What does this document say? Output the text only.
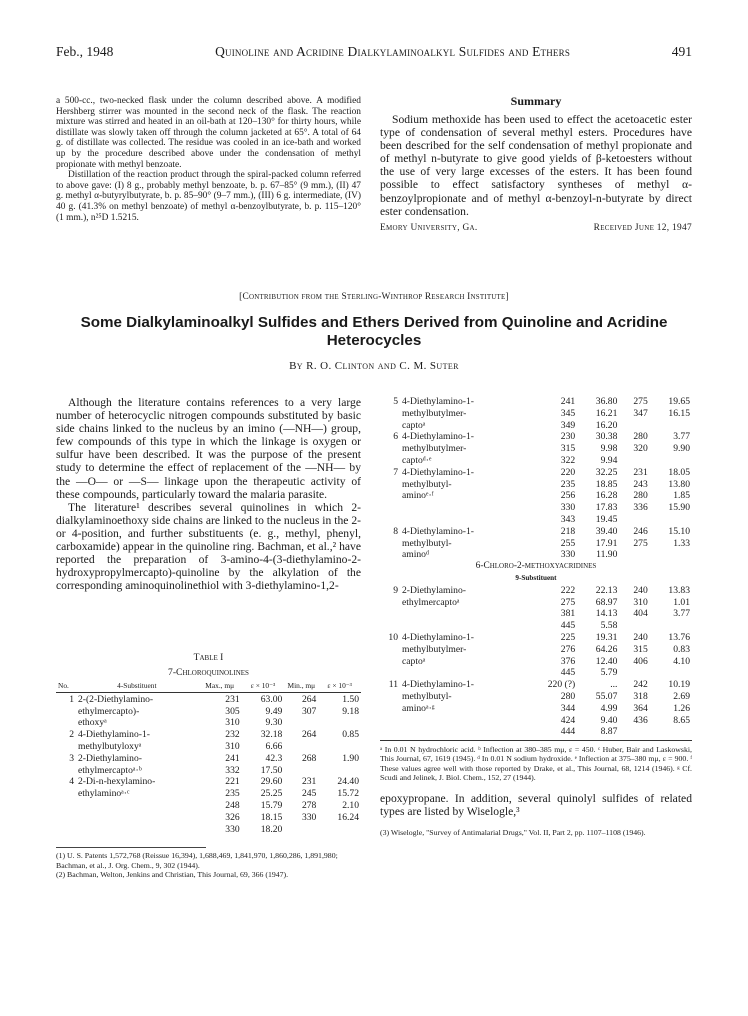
Feb., 1948	Quinoline and Acridine Dialkylaminoalkyl Sulfides and Ethers	491

a 500-cc., two-necked flask under the column described above. A modified Hershberg stirrer was mounted in the second neck of the flask. The reaction mixture was stirred and heated in an oil-bath at 120–130° for thirty hours, while distillate was slowly taken off through the column jacketed at 65°. A total of 64 g. of distillate was collected. The residue was cooled in an ice-bath and worked up by the procedure described above under the condensation of methyl propionate with methyl benzoate.

Distillation of the reaction product through the spiral-packed column referred to above gave: (I) 8 g., probably methyl benzoate, b. p. 67–85° (9 mm.), (II) 47 g. methyl α-butyrylbutyrate, b. p. 85–90° (9–7 mm.), (III) 6 g. intermediate, (IV) 40 g. (41.3% on methyl benzoate) of methyl α-benzoylbutyrate, b. p. 115–120° (1 mm.), n²⁵D 1.5215.

Summary

Sodium methoxide has been used to effect the acetoacetic ester type of condensation of several methyl esters. Procedures have been described for the self condensation of methyl propionate and of methyl n-butyrate to give good yields of β-ketoesters without the use of very large excesses of the esters. It has been found possible to effect satisfactory syntheses of methyl α-benzoylpropionate and of methyl α-benzoyl-n-butyrate by direct ester condensation.

Emory University, Ga.	Received June 12, 1947
[Contribution from the Sterling-Winthrop Research Institute]
Some Dialkylaminoalkyl Sulfides and Ethers Derived from Quinoline and Acridine Heterocycles
By R. O. Clinton and C. M. Suter

Although the literature contains references to a very large number of heterocyclic nitrogen compounds substituted by basic side chains linked to the nucleus by an imino (—NH—) group, few compounds of this type in which the linkage is oxygen or sulfur have been described. It was the purpose of the present study to determine the effect of replacement of the —NH— by the —O— or —S— linkage upon the therapeutic activity of these compounds, particularly toward the malaria parasite.

The literature¹ describes several quinolines in which 2-dialkylaminoethoxy side chains are linked to the nucleus in the 2- or 4-position, and further substituents (e. g., methyl, phenyl, carboxamide) appear in the quinoline ring. Bachman, et al.,² have reported the preparation of 3-amino-4-(3-diethylamino-2-hydroxypropylmercapto)-quinoline by the alkylation of the corresponding aminoquinolinethiol with 3-diethylamino-1,2-

Table I
7-Chloroquinolines
No.	4-Substituent	Max., mμ	ε × 10⁻³	Min., mμ	ε × 10⁻³

1	2-(2-Diethylamino-	231	63.00	264	1.50
	ethylmercapto)-	305	9.49	307	9.18
	ethoxyᵃ	310	9.30		
2	4-Diethylamino-1-	232	32.18	264	0.85
	methylbutyloxyᵃ	310	6.66		
3	2-Diethylamino-	241	42.3	268	1.90
	ethylmercaptoᵃ·ᵇ	332	17.50		
4	2-Di-n-hexylamino-	221	29.60	231	24.40
	ethylaminoᵃ·ᶜ	235	25.25	245	15.72
		248	15.79	278	2.10
		326	18.15	330	16.24
		330	18.20		

(1) U. S. Patents 1,572,768 (Reissue 16,394), 1,688,469, 1,841,970, 1,860,286, 1,891,980; Bachman, et al., J. Org. Chem., 9, 302 (1944).

(2) Bachman, Welton, Jenkins and Christian, This Journal, 69, 366 (1947).

5	4-Diethylamino-1-	241	36.80	275	19.65
	methylbutylmer-	345	16.21	347	16.15
	captoᵃ	349	16.20		
6	4-Diethylamino-1-	230	30.38	280	3.77
	methylbutylmer-	315	9.98	320	9.90
	captoᵈ·ᵉ	322	9.94		
7	4-Diethylamino-1-	220	32.25	231	18.05
	methylbutyl-	235	18.85	243	13.80
	aminoᵉ·ᶠ	256	16.28	280	1.85
		330	17.83	336	15.90
		343	19.45		
8	4-Diethylamino-1-	218	39.40	246	15.10
	methylbutyl-	255	17.91	275	1.33
	aminoᵈ	330	11.90		
6-Chloro-2-methoxyacridines					
9-Substituent					
9	2-Diethylamino-	222	22.13	240	13.83
	ethylmercaptoᵃ	275	68.97	310	1.01
		381	14.13	404	3.77
		445	5.58		
10	4-Diethylamino-1-	225	19.31	240	13.76
	methylbutylmer-	276	64.26	315	0.83
	captoᵃ	376	12.40	406	4.10
		445	5.79		
11	4-Diethylamino-1-	220 (?)	...	242	10.19
	methylbutyl-	280	55.07	318	2.69
	aminoᵃ·ᵍ	344	4.99	364	1.26
		424	9.40	436	8.65
		444	8.87		
ᵃ In 0.01 N hydrochloric acid. ᵇ Inflection at 380–385 mμ, ε = 450. ᶜ Huber, Bair and Laskowski, This Journal, 67, 1619 (1945). ᵈ In 0.01 N sodium hydroxide. ᵉ Inflection at 375–380 mμ, ε = 900. ᶠ These values agree well with those reported by Drake, et al., This Journal, 68, 1214 (1946). ᵍ Cf. Scudi and Jelinek, J. Biol. Chem., 152, 27 (1944).

epoxypropane. In addition, several quinolyl sulfides of related types are listed by Wiselogle,³

(3) Wiselogle, "Survey of Antimalarial Drugs," Vol. II, Part 2, pp. 1107–1108 (1946).
